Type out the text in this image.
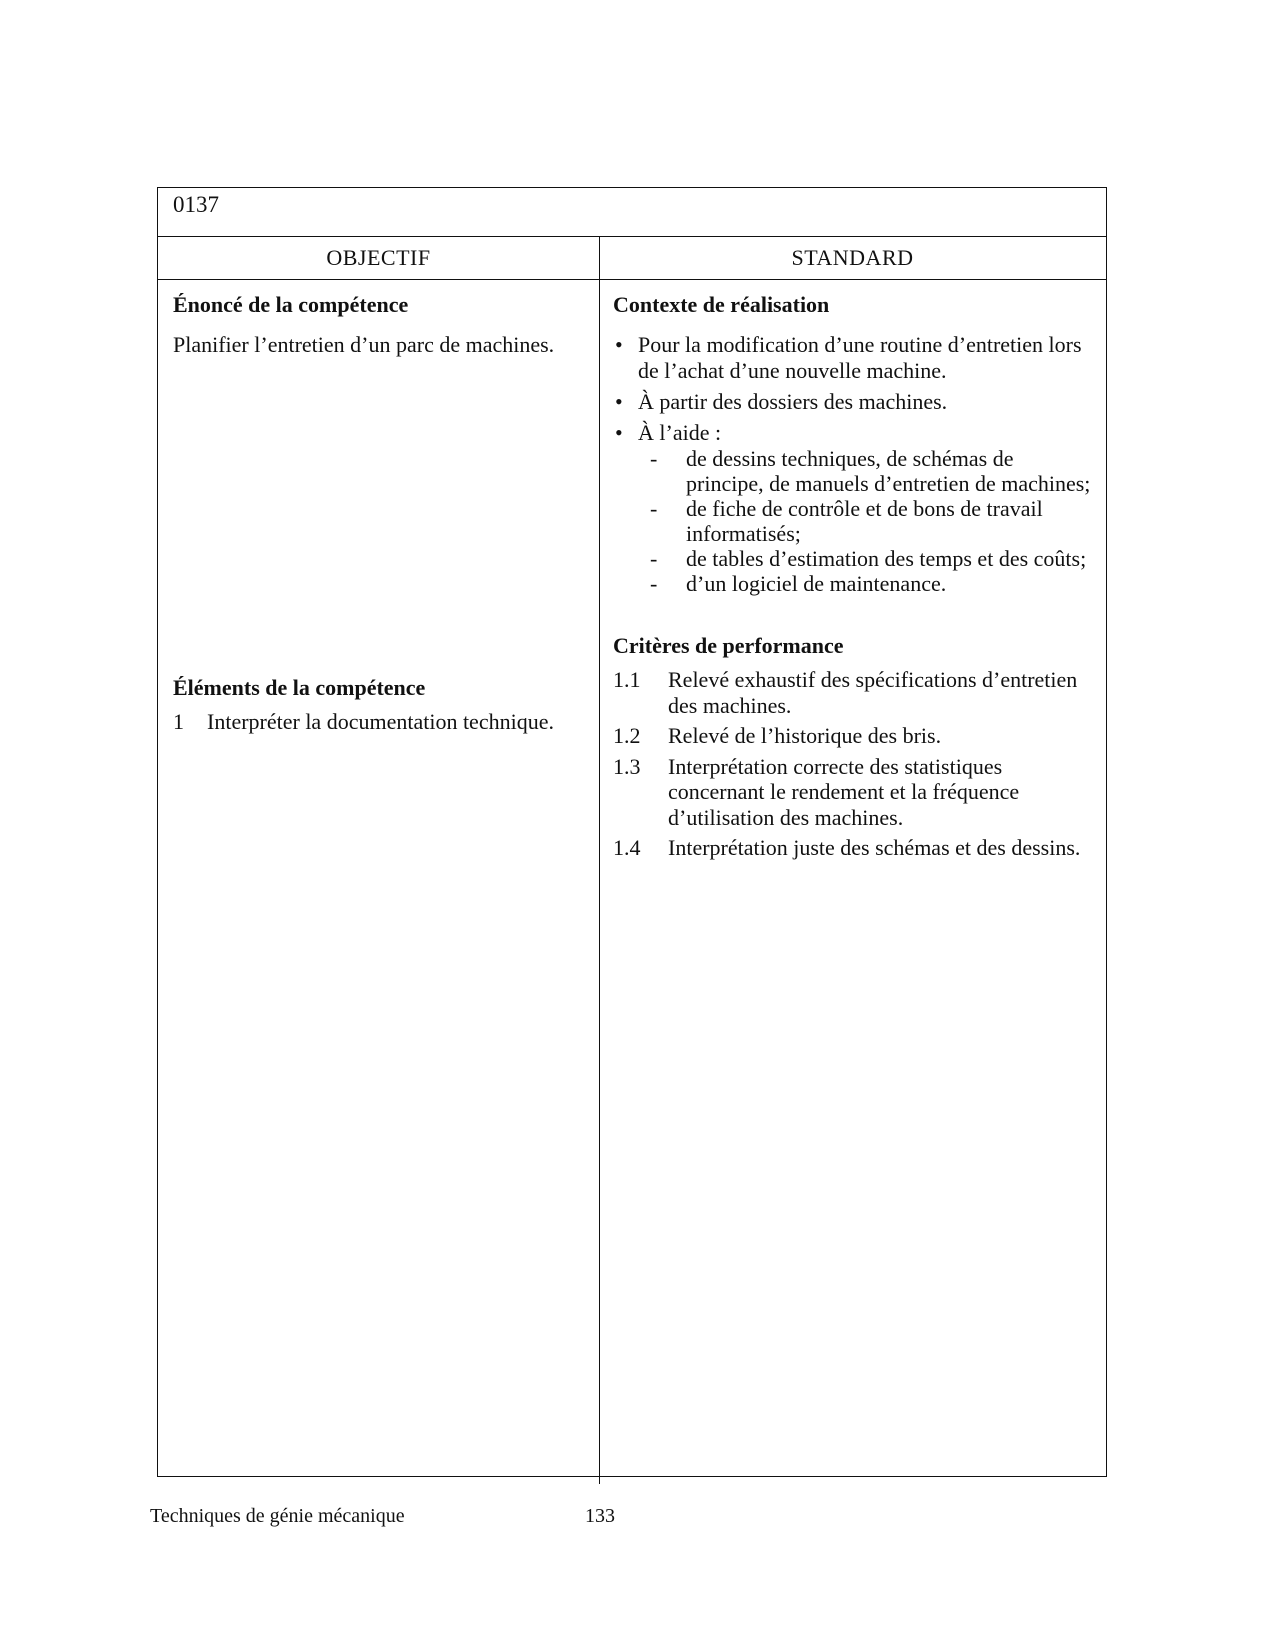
0137
OBJECTIF	STANDARD

Énoncé de la compétence

Planifier l’entretien d’un parc de machines.

Éléments de la compétence

1 Interpréter la documentation technique.

Contexte de réalisation

• Pour la modification d’une routine d’entretien lors de l’achat d’une nouvelle machine.
• À partir des dossiers des machines.
• À l’aide :
- de dessins techniques, de schémas de principe, de manuels d’entretien de machines;
- de fiche de contrôle et de bons de travail informatisés;
- de tables d’estimation des temps et des coûts;
- d’un logiciel de maintenance.

Critères de performance

1.1 Relevé exhaustif des spécifications d’entretien des machines.
1.2 Relevé de l’historique des bris.
1.3 Interprétation correcte des statistiques concernant le rendement et la fréquence d’utilisation des machines.
1.4 Interprétation juste des schémas et des dessins.
Techniques de génie mécanique	133
